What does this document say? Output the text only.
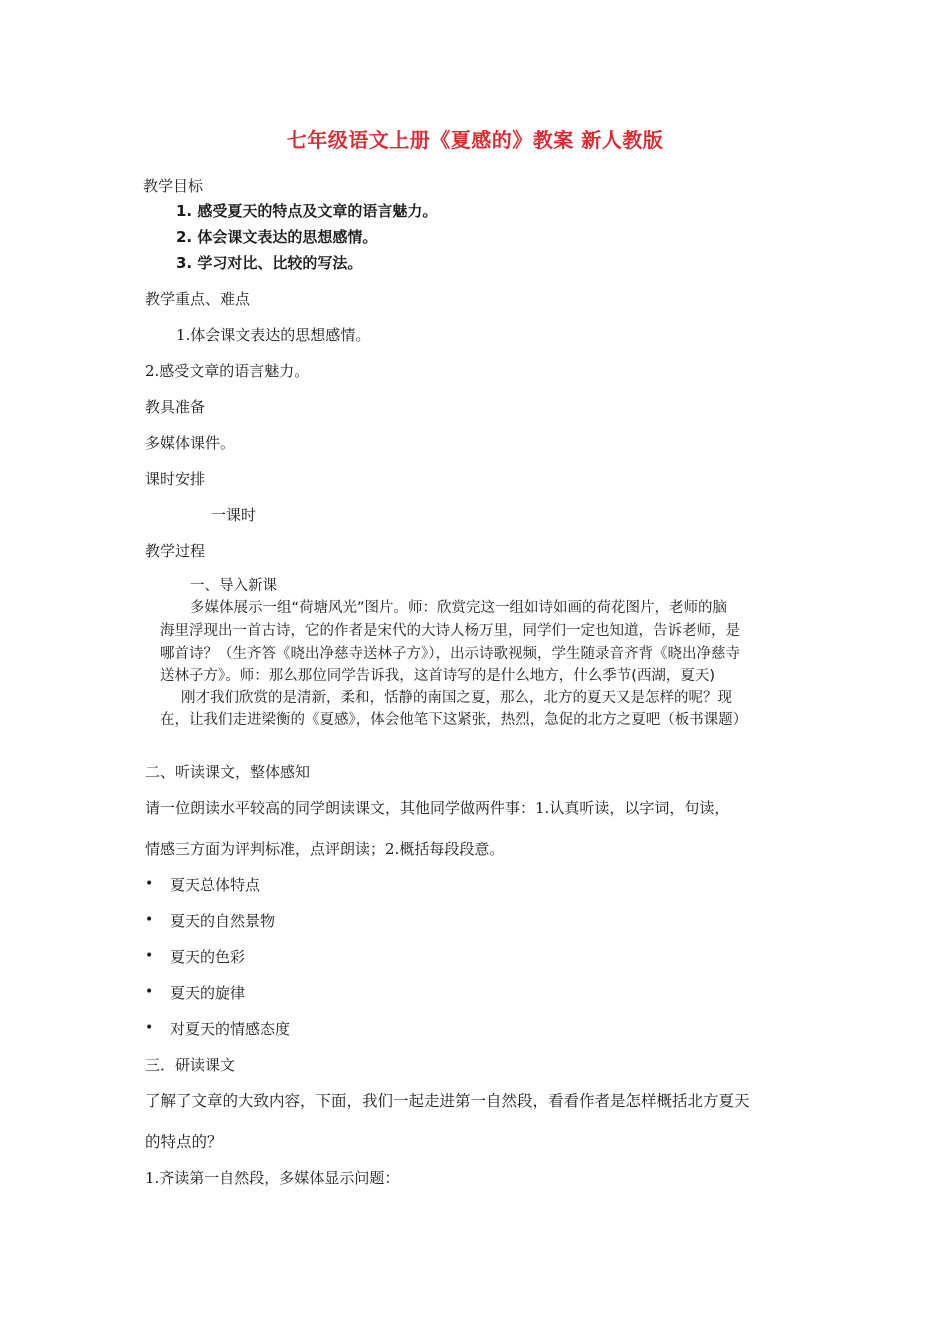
七年级语文上册《夏感的》教案 新人教版
教学目标
1. 感受夏天的特点及文章的语言魅力。
2. 体会课文表达的思想感情。
3. 学习对比、比较的写法。
教学重点、难点
1.体会课文表达的思想感情。
2.感受文章的语言魅力。
教具准备
多媒体课件。
课时安排
一课时
教学过程
一、导入新课
多媒体展示一组“荷塘风光”图片。师：欣赏完这一组如诗如画的荷花图片，老师的脑
海里浮现出一首古诗，它的作者是宋代的大诗人杨万里，同学们一定也知道，告诉老师，是
哪首诗？（生齐答《晓出净慈寺送林子方》），出示诗歌视频，学生随录音齐背《晓出净慈寺
送林子方》。师：那么那位同学告诉我，这首诗写的是什么地方，什么季节(西湖，夏天)
刚才我们欣赏的是清新，柔和，恬静的南国之夏，那么，北方的夏天又是怎样的呢？现
在，让我们走进梁衡的《夏感》，体会他笔下这紧张，热烈，急促的北方之夏吧（板书课题）
二、听读课文，整体感知
请一位朗读水平较高的同学朗读课文，其他同学做两件事：1.认真听读，以字词，句读，
情感三方面为评判标准，点评朗读；2.概括每段段意。
• 夏天总体特点
• 夏天的自然景物
• 夏天的色彩
• 夏天的旋律
• 对夏天的情感态度
三．研读课文
了解了文章的大致内容，下面，我们一起走进第一自然段，看看作者是怎样概括北方夏天
的特点的？
1.齐读第一自然段，多媒体显示问题：
